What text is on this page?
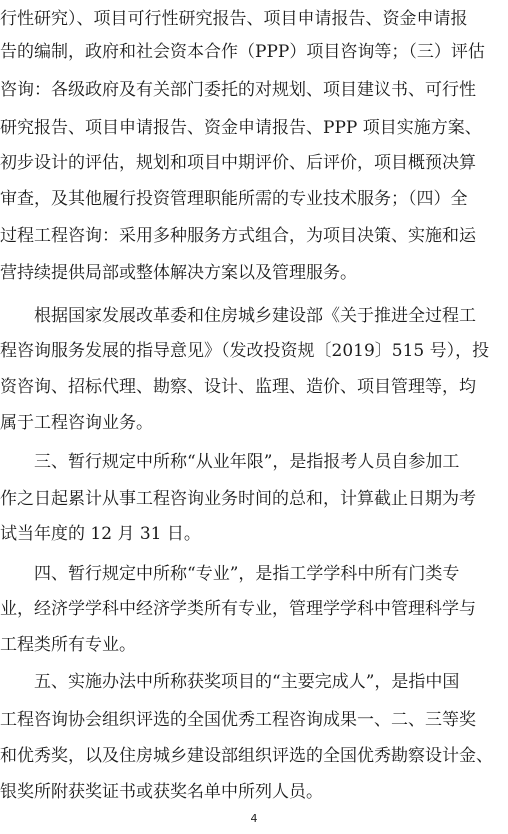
行性研究）、项目可行性研究报告、项目申请报告、资金申请报
告的编制，政府和社会资本合作（PPP）项目咨询等；（三）评估
咨询：各级政府及有关部门委托的对规划、项目建议书、可行性
研究报告、项目申请报告、资金申请报告、PPP 项目实施方案、
初步设计的评估，规划和项目中期评价、后评价，项目概预决算
审查，及其他履行投资管理职能所需的专业技术服务；（四）全
过程工程咨询：采用多种服务方式组合，为项目决策、实施和运
营持续提供局部或整体解决方案以及管理服务。
根据国家发展改革委和住房城乡建设部《关于推进全过程工
程咨询服务发展的指导意见》（发改投资规〔2019〕515 号），投
资咨询、招标代理、勘察、设计、监理、造价、项目管理等，均
属于工程咨询业务。
三、暂行规定中所称“从业年限”，是指报考人员自参加工
作之日起累计从事工程咨询业务时间的总和，计算截止日期为考
试当年度的 12 月 31 日。
四、暂行规定中所称“专业”，是指工学学科中所有门类专
业，经济学学科中经济学类所有专业，管理学学科中管理科学与
工程类所有专业。
五、实施办法中所称获奖项目的“主要完成人”，是指中国
工程咨询协会组织评选的全国优秀工程咨询成果一、二、三等奖
和优秀奖，以及住房城乡建设部组织评选的全国优秀勘察设计金、
银奖所附获奖证书或获奖名单中所列人员。
4
